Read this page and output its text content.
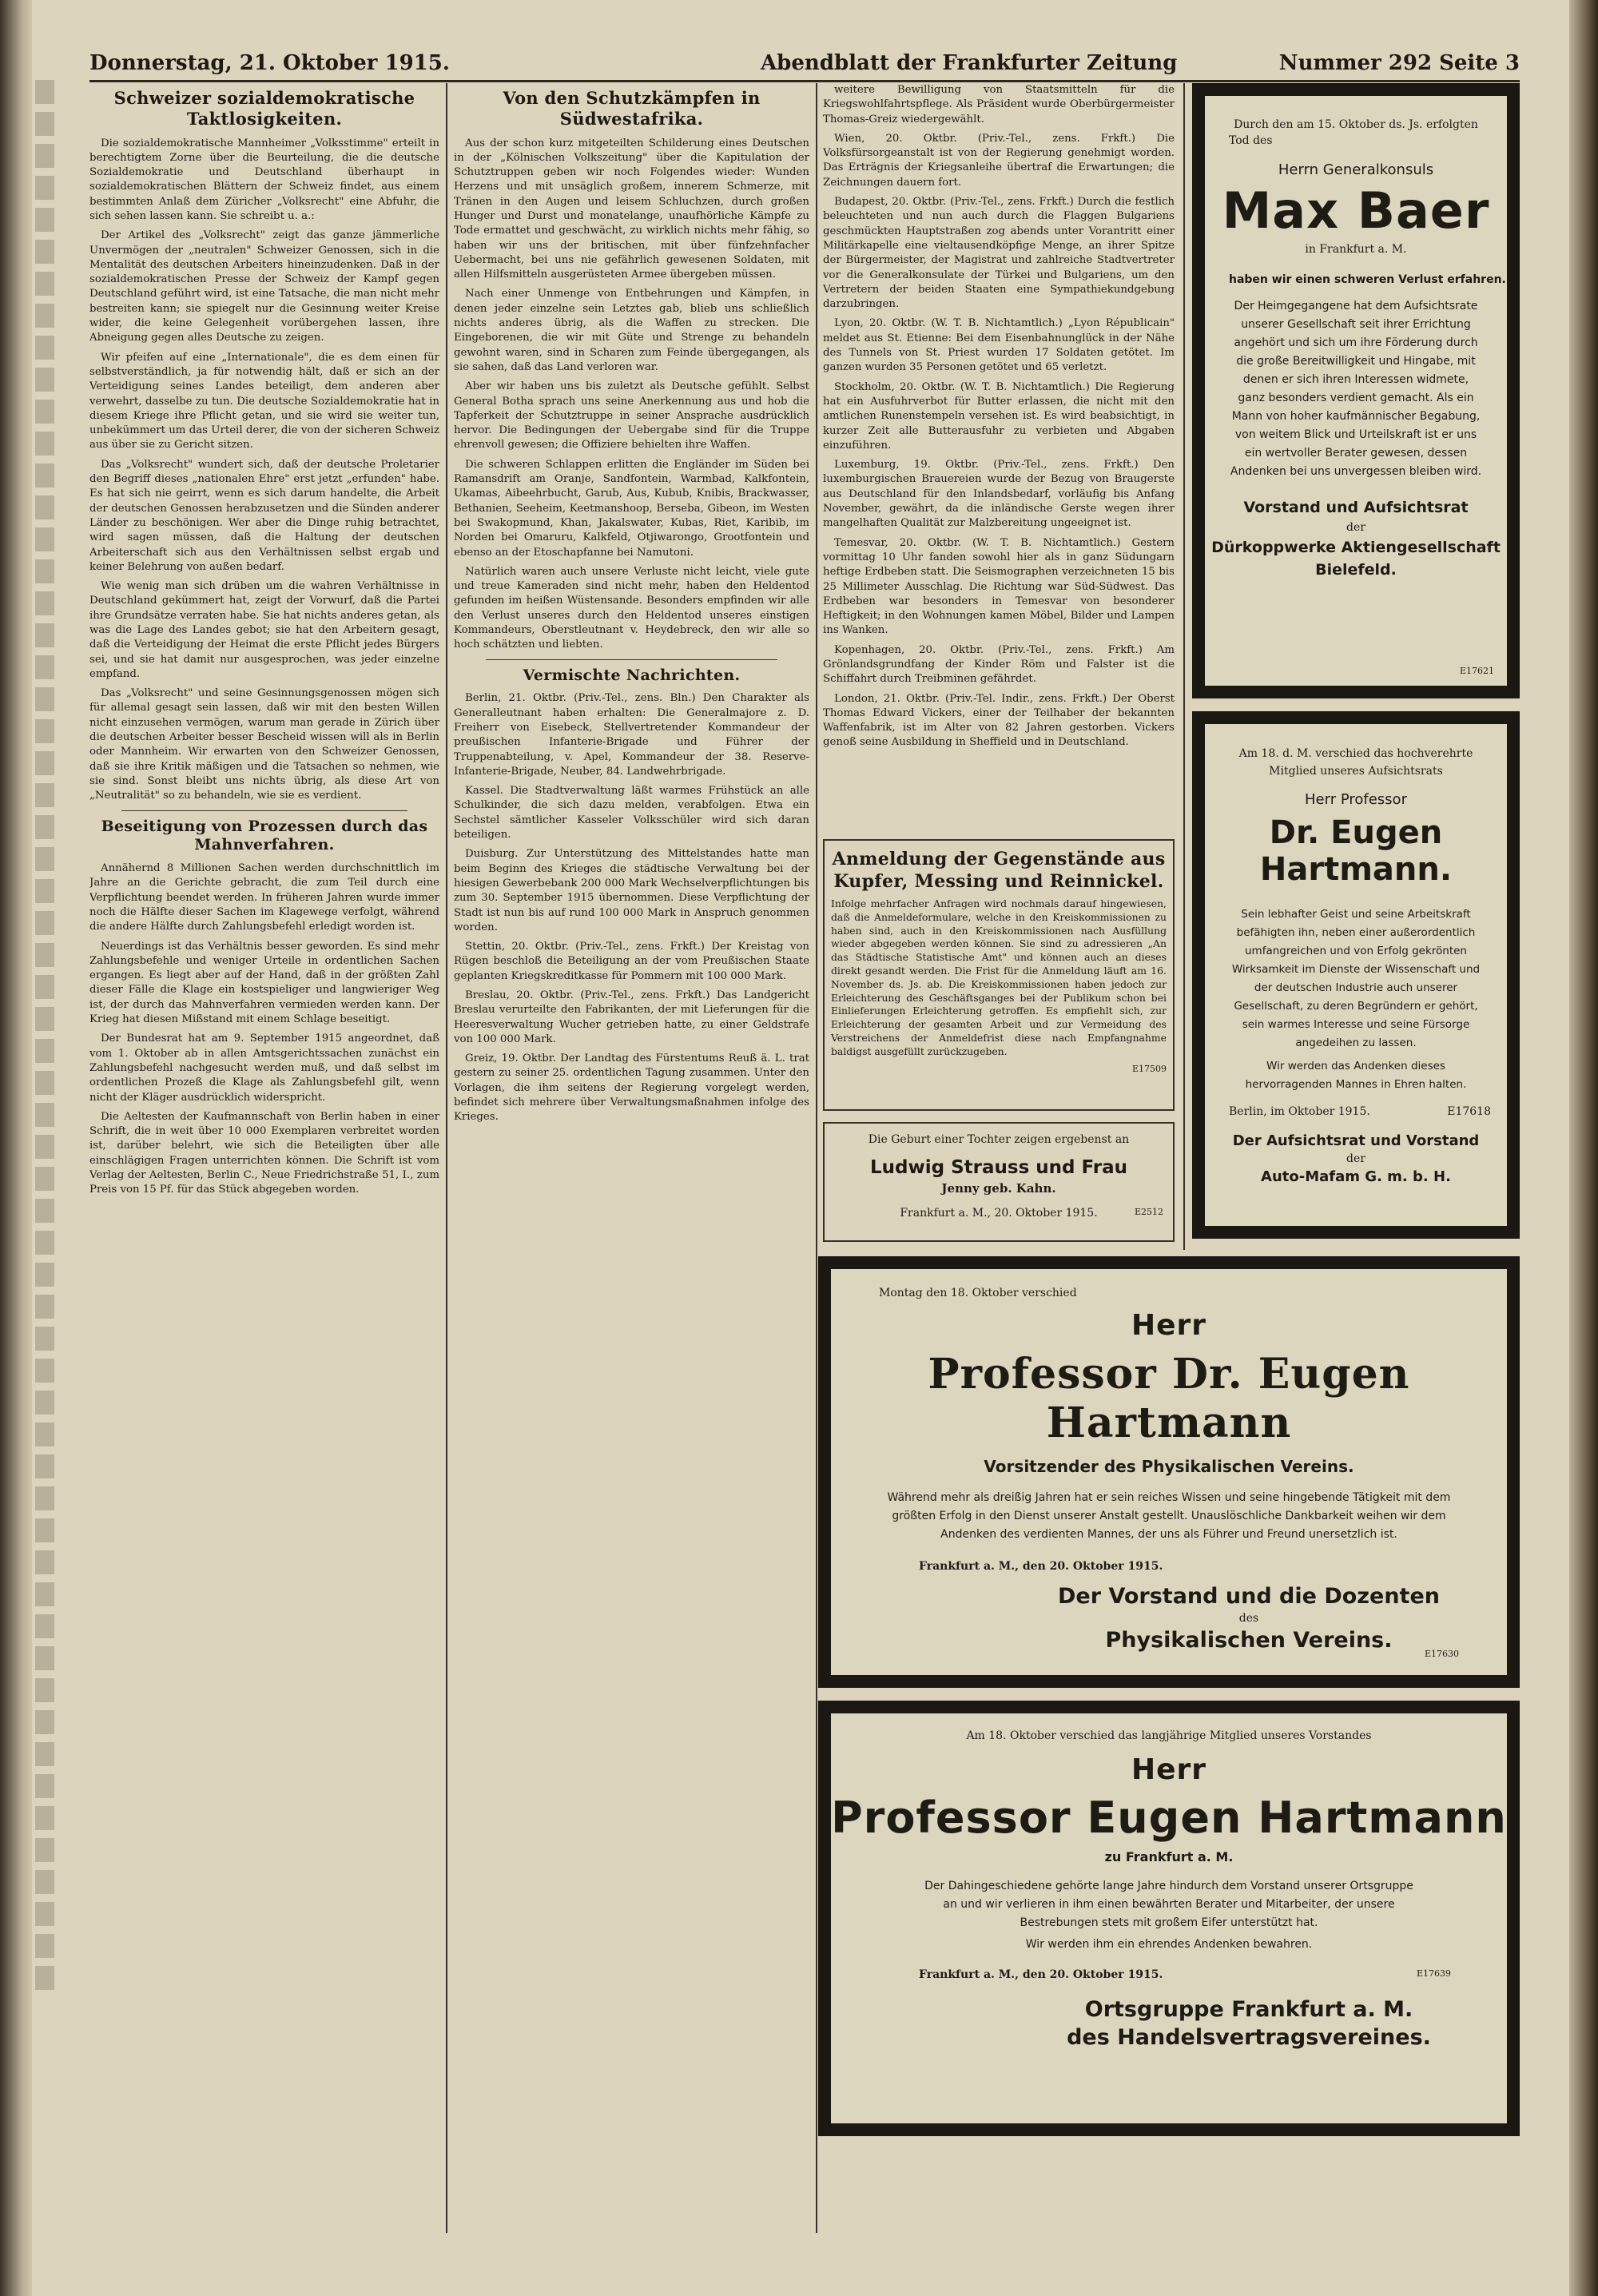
Donnerstag, 21. Oktober 1915.	Abendblatt der Frankfurter Zeitung	Nummer 292 Seite 3
Schweizer sozialdemokratische Taktlosigkeiten.

Die sozialdemokratische Mannheimer „Volksstimme" erteilt in berechtigtem Zorne über die Beurteilung, die die deutsche Sozialdemokratie und Deutschland überhaupt in sozialdemokratischen Blättern der Schweiz findet, aus einem bestimmten Anlaß dem Züricher „Volksrecht" eine Abfuhr, die sich sehen lassen kann. Sie schreibt u. a.:

Der Artikel des „Volksrecht" zeigt das ganze jämmerliche Unvermögen der „neutralen" Schweizer Genossen, sich in die Mentalität des deutschen Arbeiters hineinzudenken. Daß in der sozialdemokratischen Presse der Schweiz der Kampf gegen Deutschland geführt wird, ist eine Tatsache, die man nicht mehr bestreiten kann; sie spiegelt nur die Gesinnung weiter Kreise wider, die keine Gelegenheit vorübergehen lassen, ihre Abneigung gegen alles Deutsche zu zeigen.

Wir pfeifen auf eine „Internationale", die es dem einen für selbstverständlich, ja für notwendig hält, daß er sich an der Verteidigung seines Landes beteiligt, dem anderen aber verwehrt, dasselbe zu tun. Die deutsche Sozialdemokratie hat in diesem Kriege ihre Pflicht getan, und sie wird sie weiter tun, unbekümmert um das Urteil derer, die von der sicheren Schweiz aus über sie zu Gericht sitzen.

Das „Volksrecht" wundert sich, daß der deutsche Proletarier den Begriff dieses „nationalen Ehre" erst jetzt „erfunden" habe. Es hat sich nie geirrt, wenn es sich darum handelte, die Arbeit der deutschen Genossen herabzusetzen und die Sünden anderer Länder zu beschönigen. Wer aber die Dinge ruhig betrachtet, wird sagen müssen, daß die Haltung der deutschen Arbeiterschaft sich aus den Verhältnissen selbst ergab und keiner Belehrung von außen bedarf.

Wie wenig man sich drüben um die wahren Verhältnisse in Deutschland gekümmert hat, zeigt der Vorwurf, daß die Partei ihre Grundsätze verraten habe. Sie hat nichts anderes getan, als was die Lage des Landes gebot; sie hat den Arbeitern gesagt, daß die Verteidigung der Heimat die erste Pflicht jedes Bürgers sei, und sie hat damit nur ausgesprochen, was jeder einzelne empfand.

Das „Volksrecht" und seine Gesinnungsgenossen mögen sich für allemal gesagt sein lassen, daß wir mit den besten Willen nicht einzusehen vermögen, warum man gerade in Zürich über die deutschen Arbeiter besser Bescheid wissen will als in Berlin oder Mannheim. Wir erwarten von den Schweizer Genossen, daß sie ihre Kritik mäßigen und die Tatsachen so nehmen, wie sie sind. Sonst bleibt uns nichts übrig, als diese Art von „Neutralität" so zu behandeln, wie sie es verdient.

Beseitigung von Prozessen durch das Mahnverfahren.

Annähernd 8 Millionen Sachen werden durchschnittlich im Jahre an die Gerichte gebracht, die zum Teil durch eine Verpflichtung beendet werden. In früheren Jahren wurde immer noch die Hälfte dieser Sachen im Klagewege verfolgt, während die andere Hälfte durch Zahlungsbefehl erledigt worden ist.

Neuerdings ist das Verhältnis besser geworden. Es sind mehr Zahlungsbefehle und weniger Urteile in ordentlichen Sachen ergangen. Es liegt aber auf der Hand, daß in der größten Zahl dieser Fälle die Klage ein kostspieliger und langwieriger Weg ist, der durch das Mahnverfahren vermieden werden kann. Der Krieg hat diesen Mißstand mit einem Schlage beseitigt.

Der Bundesrat hat am 9. September 1915 angeordnet, daß vom 1. Oktober ab in allen Amtsgerichtssachen zunächst ein Zahlungsbefehl nachgesucht werden muß, und daß selbst im ordentlichen Prozeß die Klage als Zahlungsbefehl gilt, wenn nicht der Kläger ausdrücklich widerspricht.

Die Aeltesten der Kaufmannschaft von Berlin haben in einer Schrift, die in weit über 10 000 Exemplaren verbreitet worden ist, darüber belehrt, wie sich die Beteiligten über alle einschlägigen Fragen unterrichten können. Die Schrift ist vom Verlag der Aeltesten, Berlin C., Neue Friedrichstraße 51, I., zum Preis von 15 Pf. für das Stück abgegeben worden.

Von den Schutzkämpfen in Südwestafrika.

Aus der schon kurz mitgeteilten Schilderung eines Deutschen in der „Kölnischen Volkszeitung" über die Kapitulation der Schutztruppen geben wir noch Folgendes wieder: Wunden Herzens und mit unsäglich großem, innerem Schmerze, mit Tränen in den Augen und leisem Schluchzen, durch großen Hunger und Durst und monatelange, unaufhörliche Kämpfe zu Tode ermattet und geschwächt, zu wirklich nichts mehr fähig, so haben wir uns der britischen, mit über fünfzehnfacher Uebermacht, bei uns nie gefährlich gewesenen Soldaten, mit allen Hilfsmitteln ausgerüsteten Armee übergeben müssen.

Nach einer Unmenge von Entbehrungen und Kämpfen, in denen jeder einzelne sein Letztes gab, blieb uns schließlich nichts anderes übrig, als die Waffen zu strecken. Die Eingeborenen, die wir mit Güte und Strenge zu behandeln gewohnt waren, sind in Scharen zum Feinde übergegangen, als sie sahen, daß das Land verloren war.

Aber wir haben uns bis zuletzt als Deutsche gefühlt. Selbst General Botha sprach uns seine Anerkennung aus und hob die Tapferkeit der Schutztruppe in seiner Ansprache ausdrücklich hervor. Die Bedingungen der Uebergabe sind für die Truppe ehrenvoll gewesen; die Offiziere behielten ihre Waffen.

Die schweren Schlappen erlitten die Engländer im Süden bei Ramansdrift am Oranje, Sandfontein, Warmbad, Kalkfontein, Ukamas, Aibeehrbucht, Garub, Aus, Kubub, Knibis, Brackwasser, Bethanien, Seeheim, Keetmanshoop, Berseba, Gibeon, im Westen bei Swakopmund, Khan, Jakalswater, Kubas, Riet, Karibib, im Norden bei Omaruru, Kalkfeld, Otjiwarongo, Grootfontein und ebenso an der Etoschapfanne bei Namutoni.

Natürlich waren auch unsere Verluste nicht leicht, viele gute und treue Kameraden sind nicht mehr, haben den Heldentod gefunden im heißen Wüstensande. Besonders empfinden wir alle den Verlust unseres durch den Heldentod unseres einstigen Kommandeurs, Oberstleutnant v. Heydebreck, den wir alle so hoch schätzten und liebten.

Vermischte Nachrichten.

Berlin, 21. Oktbr. (Priv.-Tel., zens. Bln.) Den Charakter als Generalleutnant haben erhalten: Die Generalmajore z. D. Freiherr von Eisebeck, Stellvertretender Kommandeur der preußischen Infanterie-Brigade und Führer der Truppenabteilung, v. Apel, Kommandeur der 38. Reserve-Infanterie-Brigade, Neuber, 84. Landwehrbrigade.

Kassel. Die Stadtverwaltung läßt warmes Frühstück an alle Schulkinder, die sich dazu melden, verabfolgen. Etwa ein Sechstel sämtlicher Kasseler Volksschüler wird sich daran beteiligen.

Duisburg. Zur Unterstützung des Mittelstandes hatte man beim Beginn des Krieges die städtische Verwaltung bei der hiesigen Gewerbebank 200 000 Mark Wechselverpflichtungen bis zum 30. September 1915 übernommen. Diese Verpflichtung der Stadt ist nun bis auf rund 100 000 Mark in Anspruch genommen worden.

Stettin, 20. Oktbr. (Priv.-Tel., zens. Frkft.) Der Kreistag von Rügen beschloß die Beteiligung an der vom Preußischen Staate geplanten Kriegskreditkasse für Pommern mit 100 000 Mark.

Breslau, 20. Oktbr. (Priv.-Tel., zens. Frkft.) Das Landgericht Breslau verurteilte den Fabrikanten, der mit Lieferungen für die Heeresverwaltung Wucher getrieben hatte, zu einer Geldstrafe von 100 000 Mark.

Greiz, 19. Oktbr. Der Landtag des Fürstentums Reuß ä. L. trat gestern zu seiner 25. ordentlichen Tagung zusammen. Unter den Vorlagen, die ihm seitens der Regierung vorgelegt werden, befindet sich mehrere über Verwaltungsmaßnahmen infolge des Krieges.

weitere Bewilligung von Staatsmitteln für die Kriegswohlfahrtspflege. Als Präsident wurde Oberbürgermeister Thomas-Greiz wiedergewählt.

Wien, 20. Oktbr. (Priv.-Tel., zens. Frkft.) Die Volksfürsorgeanstalt ist von der Regierung genehmigt worden. Das Erträgnis der Kriegsanleihe übertraf die Erwartungen; die Zeichnungen dauern fort.

Budapest, 20. Oktbr. (Priv.-Tel., zens. Frkft.) Durch die festlich beleuchteten und nun auch durch die Flaggen Bulgariens geschmückten Hauptstraßen zog abends unter Vorantritt einer Militärkapelle eine vieltausendköpfige Menge, an ihrer Spitze der Bürgermeister, der Magistrat und zahlreiche Stadtvertreter vor die Generalkonsulate der Türkei und Bulgariens, um den Vertretern der beiden Staaten eine Sympathiekundgebung darzubringen.

Lyon, 20. Oktbr. (W. T. B. Nichtamtlich.) „Lyon Républicain" meldet aus St. Etienne: Bei dem Eisenbahnunglück in der Nähe des Tunnels von St. Priest wurden 17 Soldaten getötet. Im ganzen wurden 35 Personen getötet und 65 verletzt.

Stockholm, 20. Oktbr. (W. T. B. Nichtamtlich.) Die Regierung hat ein Ausfuhrverbot für Butter erlassen, die nicht mit den amtlichen Runenstempeln versehen ist. Es wird beabsichtigt, in kurzer Zeit alle Butterausfuhr zu verbieten und Abgaben einzuführen.

Luxemburg, 19. Oktbr. (Priv.-Tel., zens. Frkft.) Den luxemburgischen Brauereien wurde der Bezug von Braugerste aus Deutschland für den Inlandsbedarf, vorläufig bis Anfang November, gewährt, da die inländische Gerste wegen ihrer mangelhaften Qualität zur Malzbereitung ungeeignet ist.

Temesvar, 20. Oktbr. (W. T. B. Nichtamtlich.) Gestern vormittag 10 Uhr fanden sowohl hier als in ganz Südungarn heftige Erdbeben statt. Die Seismographen verzeichneten 15 bis 25 Millimeter Ausschlag. Die Richtung war Süd-Südwest. Das Erdbeben war besonders in Temesvar von besonderer Heftigkeit; in den Wohnungen kamen Möbel, Bilder und Lampen ins Wanken.

Kopenhagen, 20. Oktbr. (Priv.-Tel., zens. Frkft.) Am Grönlandsgrundfang der Kinder Röm und Falster ist die Schiffahrt durch Treibminen gefährdet.

London, 21. Oktbr. (Priv.-Tel. Indir., zens. Frkft.) Der Oberst Thomas Edward Vickers, einer der Teilhaber der bekannten Waffenfabrik, ist im Alter von 82 Jahren gestorben. Vickers genoß seine Ausbildung in Sheffield und in Deutschland.

Anmeldung der Gegenstände aus Kupfer, Messing und Reinnickel.

Infolge mehrfacher Anfragen wird nochmals darauf hingewiesen, daß die Anmeldeformulare, welche in den Kreiskommissionen zu haben sind, auch in den Kreiskommissionen nach Ausfüllung wieder abgegeben werden können. Sie sind zu adressieren „An das Städtische Statistische Amt" und können auch an dieses direkt gesandt werden. Die Frist für die Anmeldung läuft am 16. November ds. Js. ab. Die Kreiskommissionen haben jedoch zur Erleichterung des Geschäftsganges bei der Publikum schon bei Einlieferungen Erleichterung getroffen. Es empfiehlt sich, zur Erleichterung der gesamten Arbeit und zur Vermeidung des Verstreichens der Anmeldefrist diese nach Empfangnahme baldigst ausgefüllt zurückzugeben.

E17509
Die Geburt einer Tochter zeigen ergebenst an
Ludwig Strauss und Frau
Jenny geb. Kahn.
Frankfurt a. M., 20. Oktober 1915.	E2512
Durch den am 15. Oktober ds. Js. erfolgten
Tod des
Herrn Generalkonsuls
Max Baer
in Frankfurt a. M.
haben wir einen schweren Verlust erfahren.
Der Heimgegangene hat dem Aufsichtsrate unserer Gesellschaft seit ihrer Errichtung angehört und sich um ihre Förderung durch die große Bereitwilligkeit und Hingabe, mit denen er sich ihren Interessen widmete, ganz besonders verdient gemacht. Als ein Mann von hoher kaufmännischer Begabung, von weitem Blick und Urteilskraft ist er uns ein wertvoller Berater gewesen, dessen Andenken bei uns unvergessen bleiben wird.
Vorstand und Aufsichtsrat
der
Dürkoppwerke Aktiengesellschaft
Bielefeld.
E17621
Am 18. d. M. verschied das hochverehrte Mitglied unseres Aufsichtsrats
Herr Professor
Dr. Eugen Hartmann.
Sein lebhafter Geist und seine Arbeitskraft befähigten ihn, neben einer außerordentlich umfangreichen und von Erfolg gekrönten Wirksamkeit im Dienste der Wissenschaft und der deutschen Industrie auch unserer Gesellschaft, zu deren Begründern er gehört, sein warmes Interesse und seine Fürsorge angedeihen zu lassen.
Wir werden das Andenken dieses hervorragenden Mannes in Ehren halten.
Berlin, im Oktober 1915.	E17618
Der Aufsichtsrat und Vorstand
der
Auto-Mafam G. m. b. H.
Montag den 18. Oktober verschied
Herr
Professor Dr. Eugen Hartmann
Vorsitzender des Physikalischen Vereins.
Während mehr als dreißig Jahren hat er sein reiches Wissen und seine hingebende Tätigkeit mit dem größten Erfolg in den Dienst unserer Anstalt gestellt. Unauslöschliche Dankbarkeit weihen wir dem Andenken des verdienten Mannes, der uns als Führer und Freund unersetzlich ist.
Frankfurt a. M., den 20. Oktober 1915.
Der Vorstand und die Dozenten
des
Physikalischen Vereins.
E17630
Am 18. Oktober verschied das langjährige Mitglied unseres Vorstandes
Herr
Professor Eugen Hartmann
zu Frankfurt a. M.
Der Dahingeschiedene gehörte lange Jahre hindurch dem Vorstand unserer Ortsgruppe an und wir verlieren in ihm einen bewährten Berater und Mitarbeiter, der unsere Bestrebungen stets mit großem Eifer unterstützt hat.
Wir werden ihm ein ehrendes Andenken bewahren.
Frankfurt a. M., den 20. Oktober 1915.	E17639
Ortsgruppe Frankfurt a. M.
des Handelsvertragsvereines.
